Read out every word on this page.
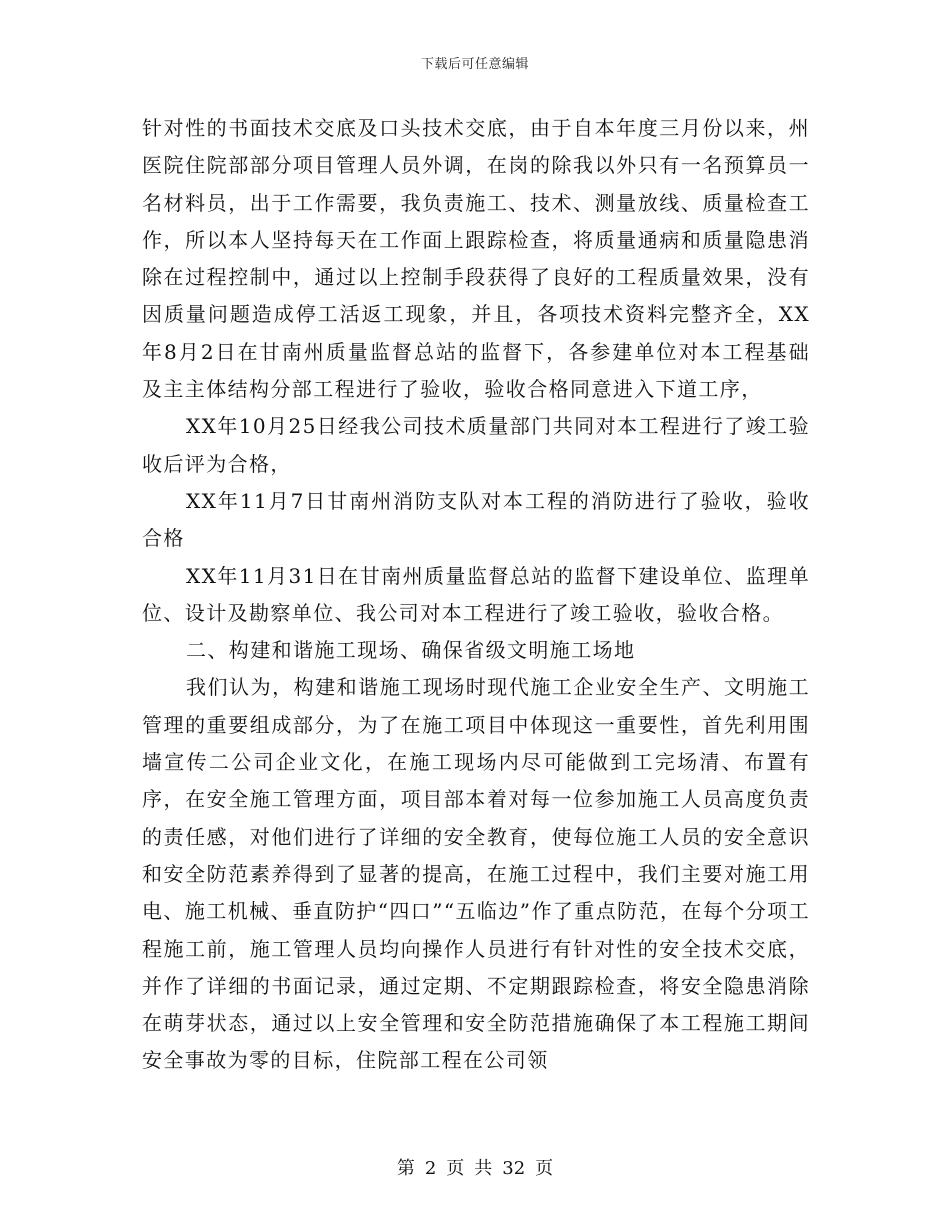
下载后可任意编辑

针对性的书面技术交底及口头技术交底，由于自本年度三月份以来，州医院住院部部分项目管理人员外调，在岗的除我以外只有一名预算员一名材料员，出于工作需要，我负责施工、技术、测量放线、质量检查工作，所以本人坚持每天在工作面上跟踪检查，将质量通病和质量隐患消除在过程控制中，通过以上控制手段获得了良好的工程质量效果，没有因质量问题造成停工活返工现象，并且，各项技术资料完整齐全，XX年8月2日在甘南州质量监督总站的监督下，各参建单位对本工程基础及主主体结构分部工程进行了验收，验收合格同意进入下道工序，

XX年10月25日经我公司技术质量部门共同对本工程进行了竣工验收后评为合格，

XX年11月7日甘南州消防支队对本工程的消防进行了验收，验收合格

XX年11月31日在甘南州质量监督总站的监督下建设单位、监理单位、设计及勘察单位、我公司对本工程进行了竣工验收，验收合格。

二、构建和谐施工现场、确保省级文明施工场地

我们认为，构建和谐施工现场时现代施工企业安全生产、文明施工管理的重要组成部分，为了在施工项目中体现这一重要性，首先利用围墙宣传二公司企业文化，在施工现场内尽可能做到工完场清、布置有序，在安全施工管理方面，项目部本着对每一位参加施工人员高度负责的责任感，对他们进行了详细的安全教育，使每位施工人员的安全意识和安全防范素养得到了显著的提高，在施工过程中，我们主要对施工用电、施工机械、垂直防护“四口”“五临边”作了重点防范，在每个分项工程施工前，施工管理人员均向操作人员进行有针对性的安全技术交底，并作了详细的书面记录，通过定期、不定期跟踪检查，将安全隐患消除在萌芽状态，通过以上安全管理和安全防范措施确保了本工程施工期间安全事故为零的目标，住院部工程在公司领

第 2 页 共 32 页
